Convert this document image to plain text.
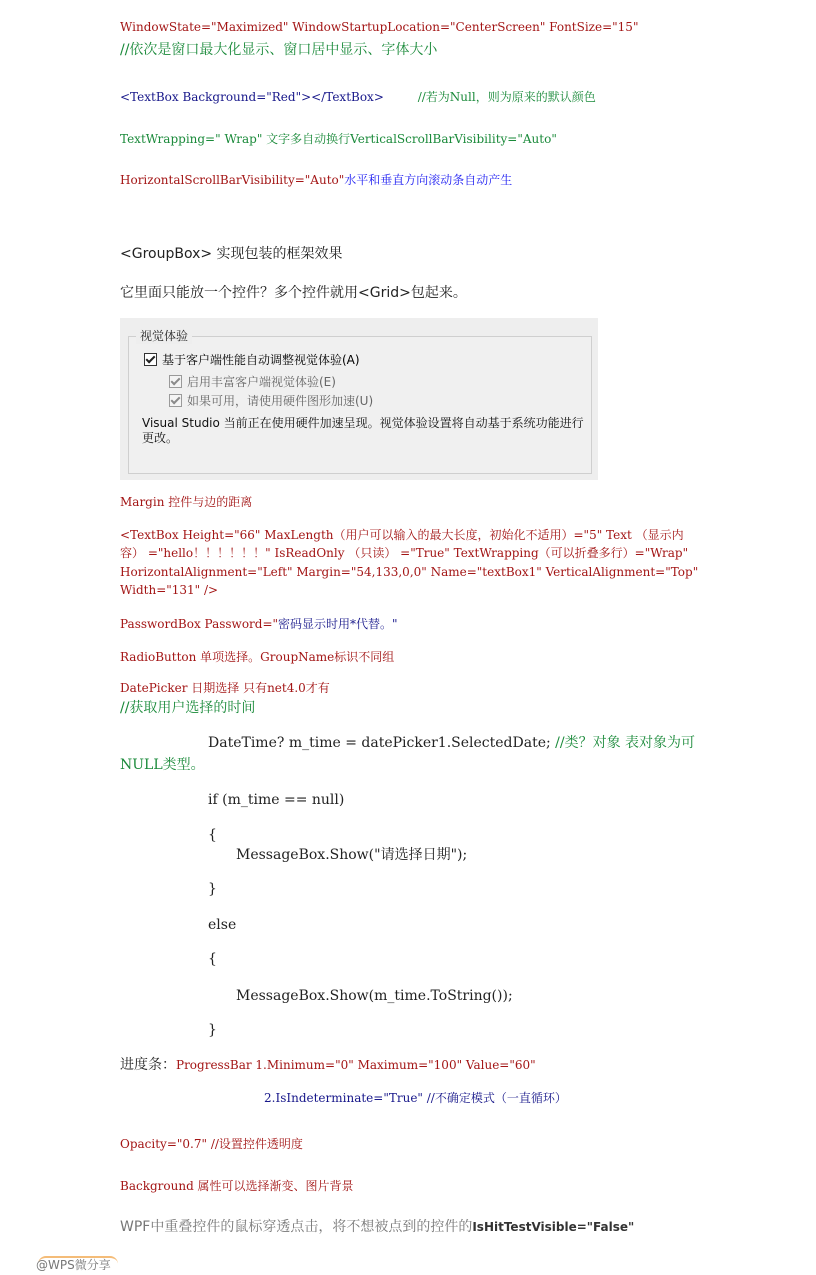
WindowState="Maximized" WindowStartupLocation="CenterScreen" FontSize="15"
//依次是窗口最大化显示、窗口居中显示、字体大小
<TextBox Background="Red"></TextBox>	//若为Null，则为原来的默认颜色
TextWrapping=" Wrap" 文字多自动换行VerticalScrollBarVisibility="Auto"
HorizontalScrollBarVisibility="Auto"水平和垂直方向滚动条自动产生
<GroupBox> 实现包装的框架效果
它里面只能放一个控件？多个控件就用<Grid>包起来。
视觉体验
基于客户端性能自动调整视觉体验(A)
启用丰富客户端视觉体验(E)
如果可用，请使用硬件图形加速(U)
Visual Studio 当前正在使用硬件加速呈现。视觉体验设置将自动基于系统功能进行更改。
Margin 控件与边的距离
<TextBox Height="66" MaxLength（用户可以输入的最大长度，初始化不适用）="5" Text （显示内
容） ="hello！！！！！！" IsReadOnly （只读） ="True" TextWrapping（可以折叠多行）="Wrap"
HorizontalAlignment="Left" Margin="54,133,0,0" Name="textBox1" VerticalAlignment="Top"
Width="131" />
PasswordBox Password="密码显示时用*代替。"
RadioButton 单项选择。GroupName标识不同组
DatePicker 日期选择 只有net4.0才有
//获取用户选择的时间
DateTime? m_time = datePicker1.SelectedDate; //类？对象 表对象为可
NULL类型。
if (m_time == null)
{
MessageBox.Show("请选择日期");
}
else
{
MessageBox.Show(m_time.ToString());
}
进度条：ProgressBar 1.Minimum="0" Maximum="100" Value="60"
2.IsIndeterminate="True" //不确定模式（一直循环）
Opacity="0.7" //设置控件透明度
Background 属性可以选择渐变、图片背景
WPF中重叠控件的鼠标穿透点击，将不想被点到的控件的IsHitTestVisible="False"
@WPS微分享
